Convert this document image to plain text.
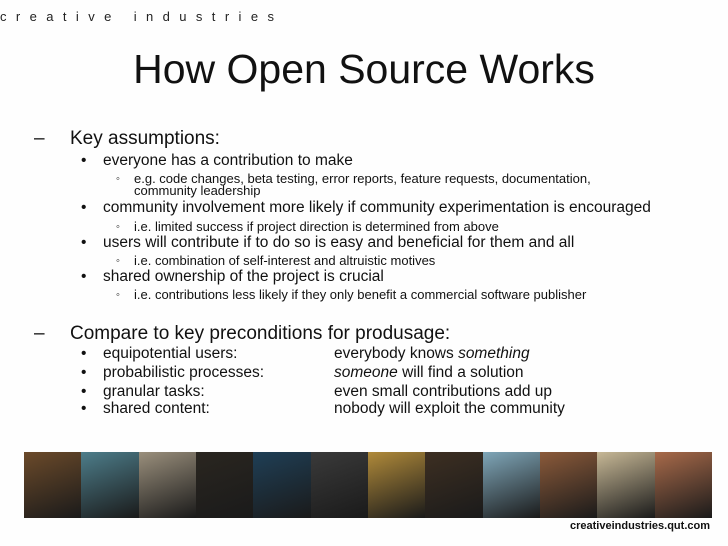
creative industries
How Open Source Works
– Key assumptions:
• everyone has a contribution to make
◦ e.g. code changes, beta testing, error reports, feature requests, documentation,
community leadership
• community involvement more likely if community experimentation is encouraged
◦ i.e. limited success if project direction is determined from above
• users will contribute if to do so is easy and beneficial for them and all
◦ i.e. combination of self-interest and altruistic motives
• shared ownership of the project is crucial
◦ i.e. contributions less likely if they only benefit a commercial software publisher
– Compare to key preconditions for produsage:
• equipotential users:	everybody knows something
• probabilistic processes:	someone will find a solution
• granular tasks:	even small contributions add up
• shared content:	nobody will exploit the community
creativeindustries.qut.com
